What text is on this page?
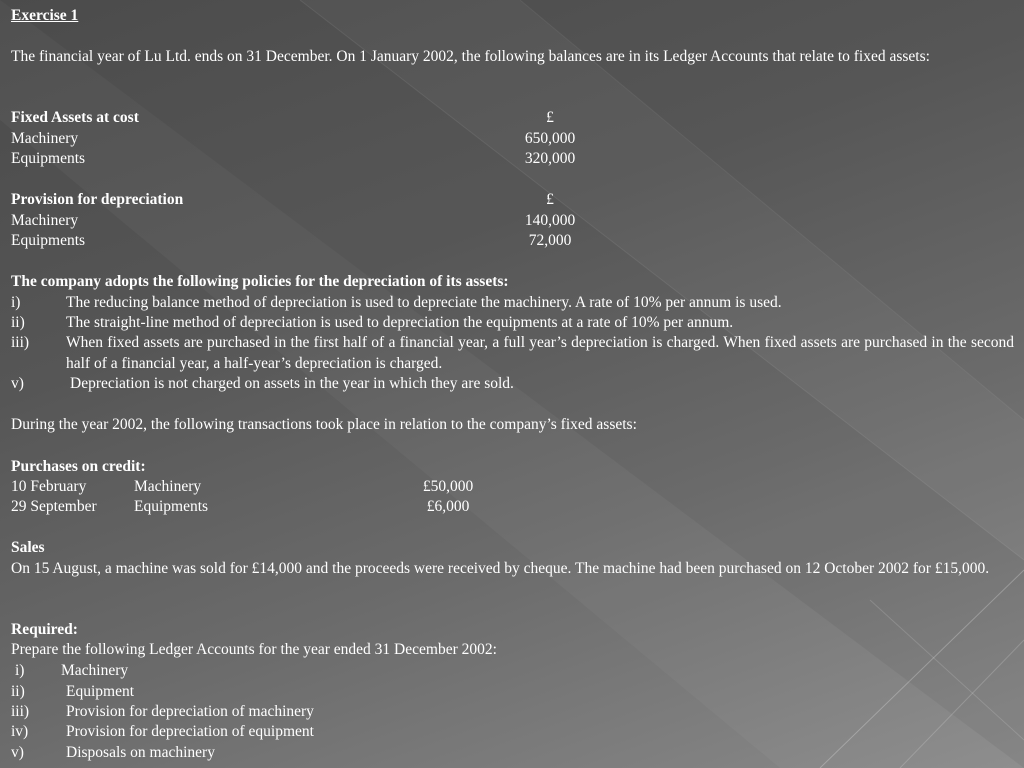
Exercise 1
The financial year of Lu Ltd. ends on 31 December. On 1 January 2002, the following balances are in its Ledger Accounts that relate to fixed assets:
Fixed Assets at cost	£
Machinery	650,000
Equipments	320,000
Provision for depreciation	£
Machinery	140,000
Equipments	72,000
The company adopts the following policies for the depreciation of its assets:
i)	The reducing balance method of depreciation is used to depreciate the machinery. A rate of 10% per annum is used.
ii)	The straight-line method of depreciation is used to depreciation the equipments at a rate of 10% per annum.
iii) When fixed assets are purchased in the first half of a financial year, a full year’s depreciation is charged. When fixed assets are purchased in the second half of a financial year, a half-year’s depreciation is charged.
v)	Depreciation is not charged on assets in the year in which they are sold.
During the year 2002, the following transactions took place in relation to the company’s fixed assets:
Purchases on credit:
10 February	Machinery	£50,000
29 September Equipments	£6,000
Sales
On 15 August, a machine was sold for £14,000 and the proceeds were received by cheque. The machine had been purchased on 12 October 2002 for £15,000.
Required:
Prepare the following Ledger Accounts for the year ended 31 December 2002:
i) Machinery
ii)	Equipment
iii) Provision for depreciation of machinery
iv) Provision for depreciation of equipment
v)	Disposals on machinery
